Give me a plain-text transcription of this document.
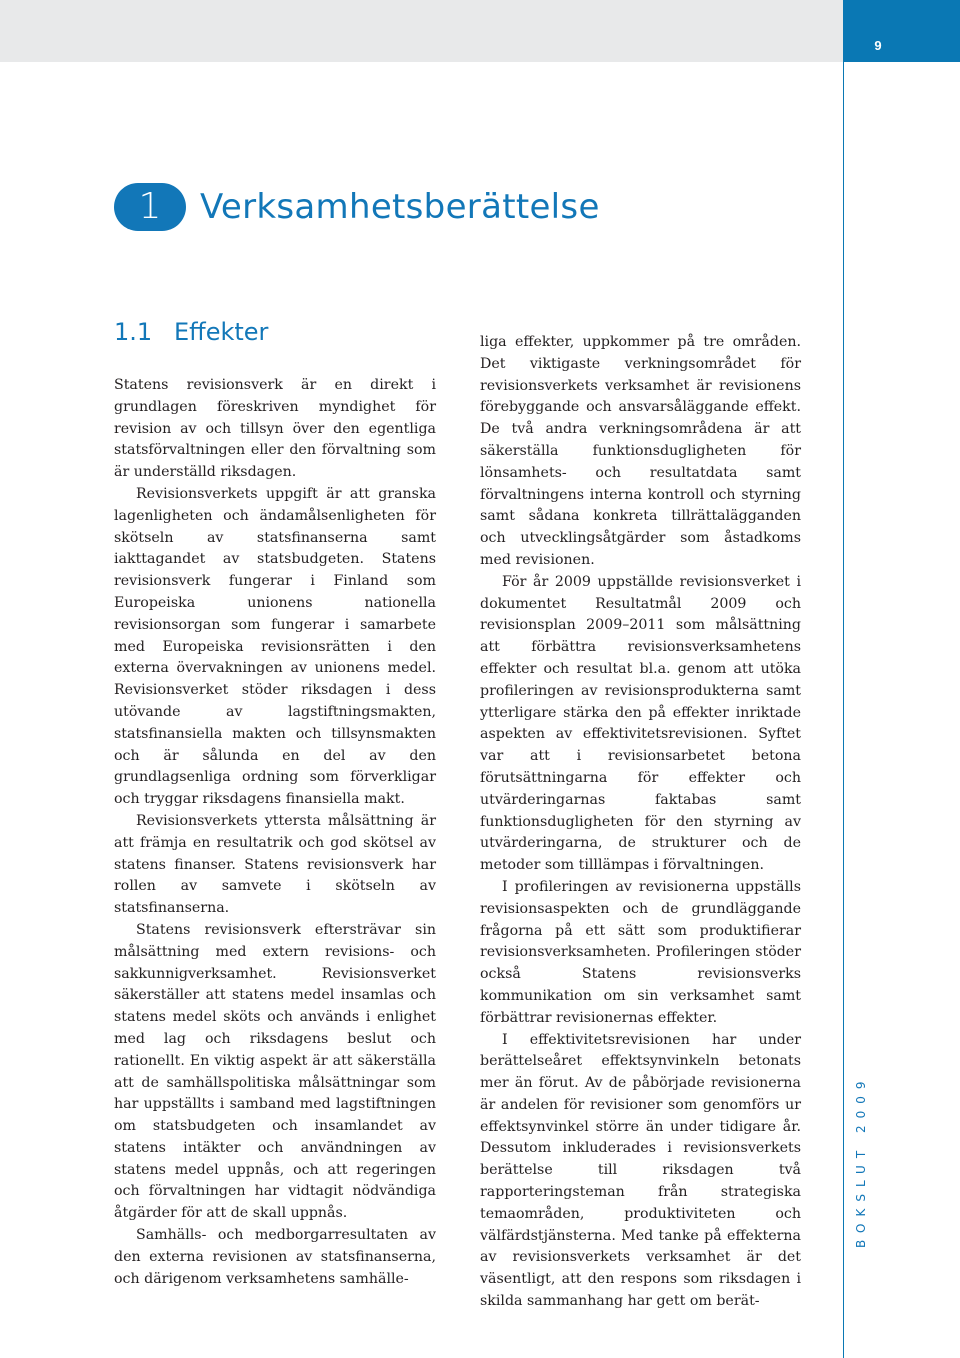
9
1	Verksamhetsberättelse
1.1 Effekter

Statens revisionsverk är en direkt i grundlagen föreskriven myndighet för revision av och tillsyn över den egentliga statsförvaltningen eller den förvaltning som är underställd riksdagen.

Revisionsverkets uppgift är att granska lagenligheten och ändamålsenligheten för skötseln av statsfinanserna samt iakttagandet av statsbudgeten. Statens revisionsverk fungerar i Finland som Europeiska unionens nationella revisionsorgan som fungerar i samarbete med Europeiska revisionsrätten i den externa övervakningen av unionens medel. Revisionsverket stöder riksdagen i dess utövande av lagstiftningsmakten, statsfinansiella makten och tillsynsmakten och är sålunda en del av den grundlagsenliga ordning som förverkligar och tryggar riksdagens finansiella makt.

Revisionsverkets yttersta målsättning är att främja en resultatrik och god skötsel av statens finanser. Statens revisionsverk har rollen av samvete i skötseln av statsfinanserna.

Statens revisionsverk eftersträvar sin målsättning med extern revisions- och sakkunnigverksamhet. Revisionsverket säkerställer att statens medel insamlas och statens medel sköts och används i enlighet med lag och riksdagens beslut och rationellt. En viktig aspekt är att säkerställa att de samhällspolitiska målsättningar som har uppställts i samband med lagstiftningen om statsbudgeten och insamlandet av statens intäkter och användningen av statens medel uppnås, och att regeringen och förvaltningen har vidtagit nödvändiga åtgärder för att de skall uppnås.

Samhälls- och medborgarresultaten av den externa revisionen av statsfinanserna, och därigenom verksamhetens samhälle-

liga effekter, uppkommer på tre områden. Det viktigaste verkningsområdet för revisionsverkets verksamhet är revisionens förebyggande och ansvarsåläggande effekt. De två andra verkningsområdena är att säkerställa funktionsdugligheten för lönsamhets- och resultatdata samt förvaltningens interna kontroll och styrning samt sådana konkreta tillrättalägganden och utvecklingsåtgärder som åstadkoms med revisionen.

För år 2009 uppställde revisionsverket i dokumentet Resultatmål 2009 och revisionsplan 2009–2011 som målsättning att förbättra revisionsverksamhetens effekter och resultat bl.a. genom att utöka profileringen av revisionsprodukterna samt ytterligare stärka den på effekter inriktade aspekten av effektivitetsrevisionen. Syftet var att i revisionsarbetet betona förutsättningarna för effekter och utvärderingarnas faktabas samt funktionsdugligheten för den styrning av utvärderingarna, de strukturer och de metoder som tilllämpas i förvaltningen.

I profileringen av revisionerna uppställs revisionsaspekten och de grundläggande frågorna på ett sätt som produktifierar revisionsverksamheten. Profileringen stöder också Statens revisionsverks kommunikation om sin verksamhet samt förbättrar revisionernas effekter.

I effektivitetsrevisionen har under berättelseåret effektsynvinkeln betonats mer än förut. Av de påbörjade revisionerna är andelen för revisioner som genomförs ur effektsynvinkel större än under tidigare år. Dessutom inkluderades i revisionsverkets berättelse till riksdagen två rapporteringsteman från strategiska temaområden, produktiviteten och välfärdstjänsterna. Med tanke på effekterna av revisionsverkets verksamhet är det väsentligt, att den respons som riksdagen i skilda sammanhang har gett om berät-

BOKSLUT 2009
